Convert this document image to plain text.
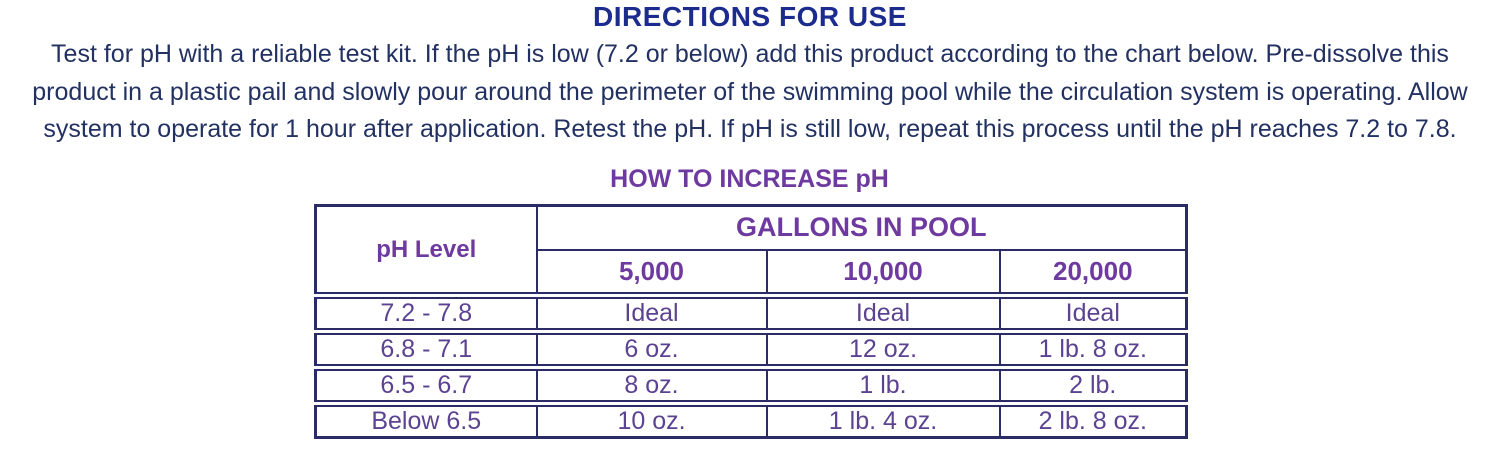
DIRECTIONS FOR USE
Test for pH with a reliable test kit. If the pH is low (7.2 or below) add this product according to the chart below. Pre-dissolve this
product in a plastic pail and slowly pour around the perimeter of the swimming pool while the circulation system is operating. Allow
system to operate for 1 hour after application. Retest the pH. If pH is still low, repeat this process until the pH reaches 7.2 to 7.8.
HOW TO INCREASE pH
pH Level	GALLONS IN POOL		
	5,000	10,000	20,000
7.2 - 7.8	Ideal	Ideal	Ideal
6.8 - 7.1	6 oz.	12 oz.	1 lb. 8 oz.
6.5 - 6.7	8 oz.	1 lb.	2 lb.
Below 6.5	10 oz.	1 lb. 4 oz.	2 lb. 8 oz.
